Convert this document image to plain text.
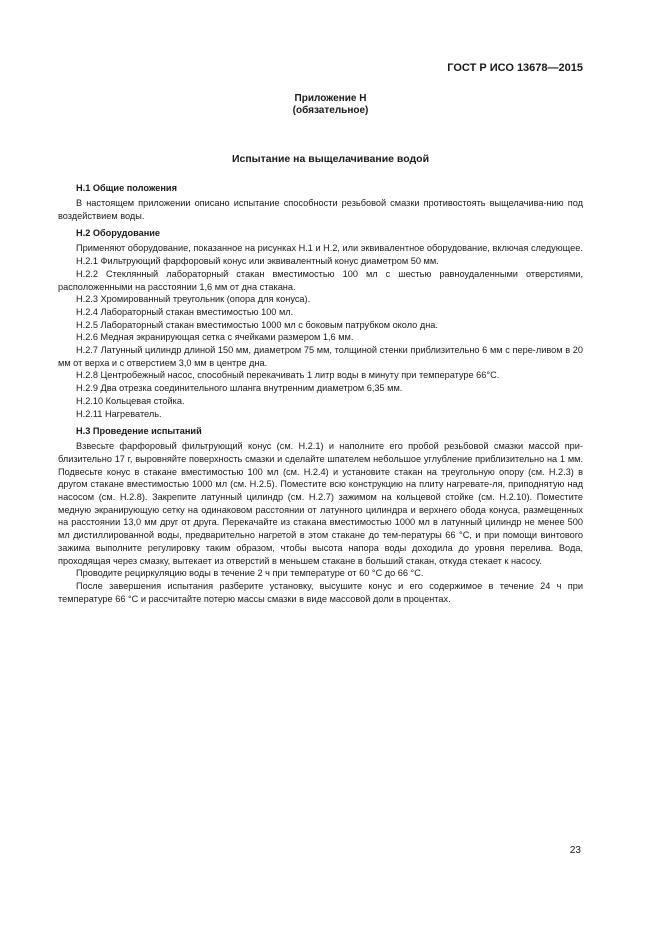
ГОСТ Р ИСО 13678—2015
Приложение Н
(обязательное)
Испытание на выщелачивание водой
Н.1 Общие положения

В настоящем приложении описано испытание способности резьбовой смазки противостоять выщелачива-нию под воздействием воды.

Н.2 Оборудование

Применяют оборудование, показанное на рисунках Н.1 и Н.2, или эквивалентное оборудование, включая следующее.

Н.2.1 Фильтрующий фарфоровый конус или эквивалентный конус диаметром 50 мм.

Н.2.2 Стеклянный лабораторный стакан вместимостью 100 мл с шестью равноудаленными отверстиями, расположенными на расстоянии 1,6 мм от дна стакана.

Н.2.3 Хромированный треугольник (опора для конуса).

Н.2.4 Лабораторный стакан вместимостью 100 мл.

Н.2.5 Лабораторный стакан вместимостью 1000 мл с боковым патрубком около дна.

Н.2.6 Медная экранирующая сетка с ячейками размером 1,6 мм.

Н.2.7 Латунный цилиндр длиной 150 мм, диаметром 75 мм, толщиной стенки приблизительно 6 мм с пере-ливом в 20 мм от верха и с отверстием 3,0 мм в центре дна.

Н.2.8 Центробежный насос, способный перекачивать 1 литр воды в минуту при температуре 66°С.

Н.2.9 Два отрезка соединительного шланга внутренним диаметром 6,35 мм.

Н.2.10 Кольцевая стойка.

Н.2.11 Нагреватель.

Н.3 Проведение испытаний

Взвесьте фарфоровый фильтрующий конус (см. Н.2.1) и наполните его пробой резьбовой смазки массой при-близительно 17 г, выровняйте поверхность смазки и сделайте шпателем небольшое углубление приблизительно на 1 мм. Подвесьте конус в стакане вместимостью 100 мл (см. Н.2.4) и установите стакан на треугольную опору (см. Н.2.3) в другом стакане вместимостью 1000 мл (см. Н.2.5). Поместите всю конструкцию на плиту нагревате-ля, приподнятую над насосом (см. Н.2.8). Закрепите латунный цилиндр (см. Н.2.7) зажимом на кольцевой стойке (см. Н.2.10). Поместите медную экранирующую сетку на одинаковом расстоянии от латунного цилиндра и верхнего обода конуса, размещенных на расстоянии 13,0 мм друг от друга. Перекачайте из стакана вместимостью 1000 мл в латунный цилиндр не менее 500 мл дистиллированной воды, предварительно нагретой в этом стакане до тем-пературы 66 °С, и при помощи винтового зажима выполните регулировку таким образом, чтобы высота напора воды доходила до уровня перелива. Вода, проходящая через смазку, вытекает из отверстий в меньшем стакане в больший стакан, откуда стекает к насосу.

Проводите рециркуляцию воды в течение 2 ч при температуре от 60 °С до 66 °С.

После завершения испытания разберите установку, высушите конус и его содержимое в течение 24 ч при температуре 66 °С и рассчитайте потерю массы смазки в виде массовой доли в процентах.

23
